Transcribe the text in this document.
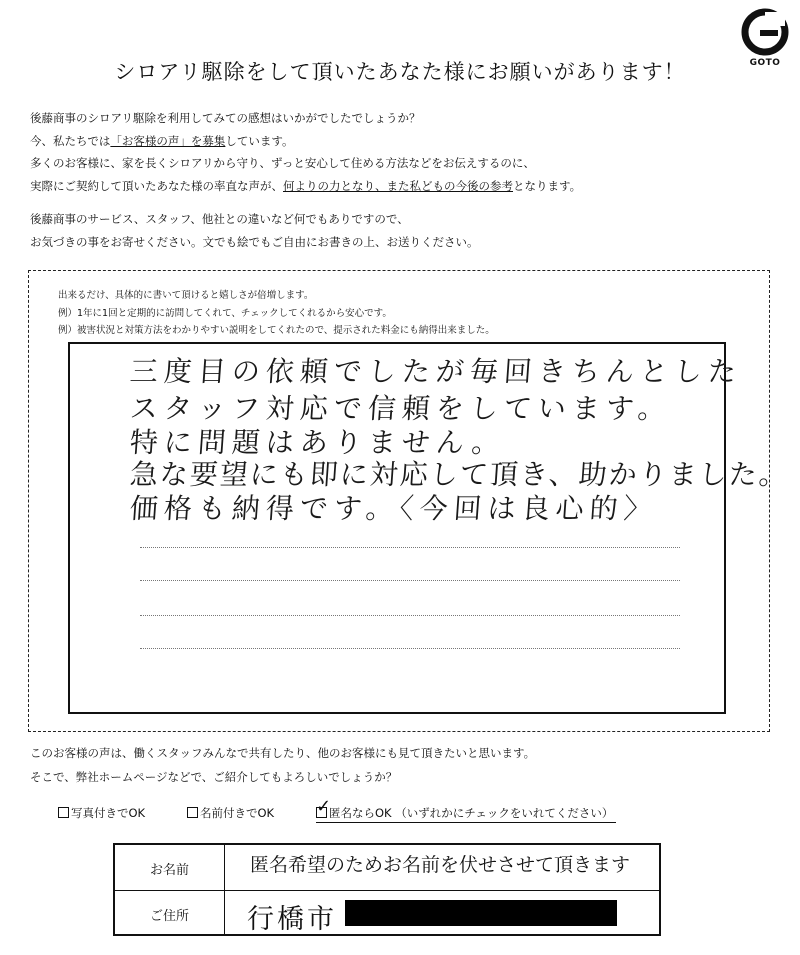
GOTO
シロアリ駆除をして頂いたあなた様にお願いがあります！

後藤商事のシロアリ駆除を利用してみての感想はいかがでしたでしょうか？

今、私たちでは「お客様の声」を募集しています。

多くのお客様に、家を長くシロアリから守り、ずっと安心して住める方法などをお伝えするのに、

実際にご契約して頂いたあなた様の率直な声が、何よりの力となり、また私どもの今後の参考となります。

後藤商事のサービス、スタッフ、他社との違いなど何でもありですので、

お気づきの事をお寄せください。文でも絵でもご自由にお書きの上、お送りください。

出来るだけ、具体的に書いて頂けると嬉しさが倍増します。

例）1年に1回と定期的に訪問してくれて、チェックしてくれるから安心です。

例）被害状況と対策方法をわかりやすい説明をしてくれたので、提示された料金にも納得出来ました。

三度目の依頼でしたが毎回きちんとした
スタッフ対応で信頼をしています。
特に問題はありません。
急な要望にも即に対応して頂き、助かりました。
価格も納得です。〈今回は良心的〉

このお客様の声は、働くスタッフみんなで共有したり、他のお客様にも見て頂きたいと思います。

そこで、弊社ホームページなどで、ご紹介してもよろしいでしょうか？

写真付きでOK	名前付きでOK	匿名ならOK （いずれかにチェックをいれてください）
✓
お名前	匿名希望のためお名前を伏せさせて頂きます
ご住所	行橋市
